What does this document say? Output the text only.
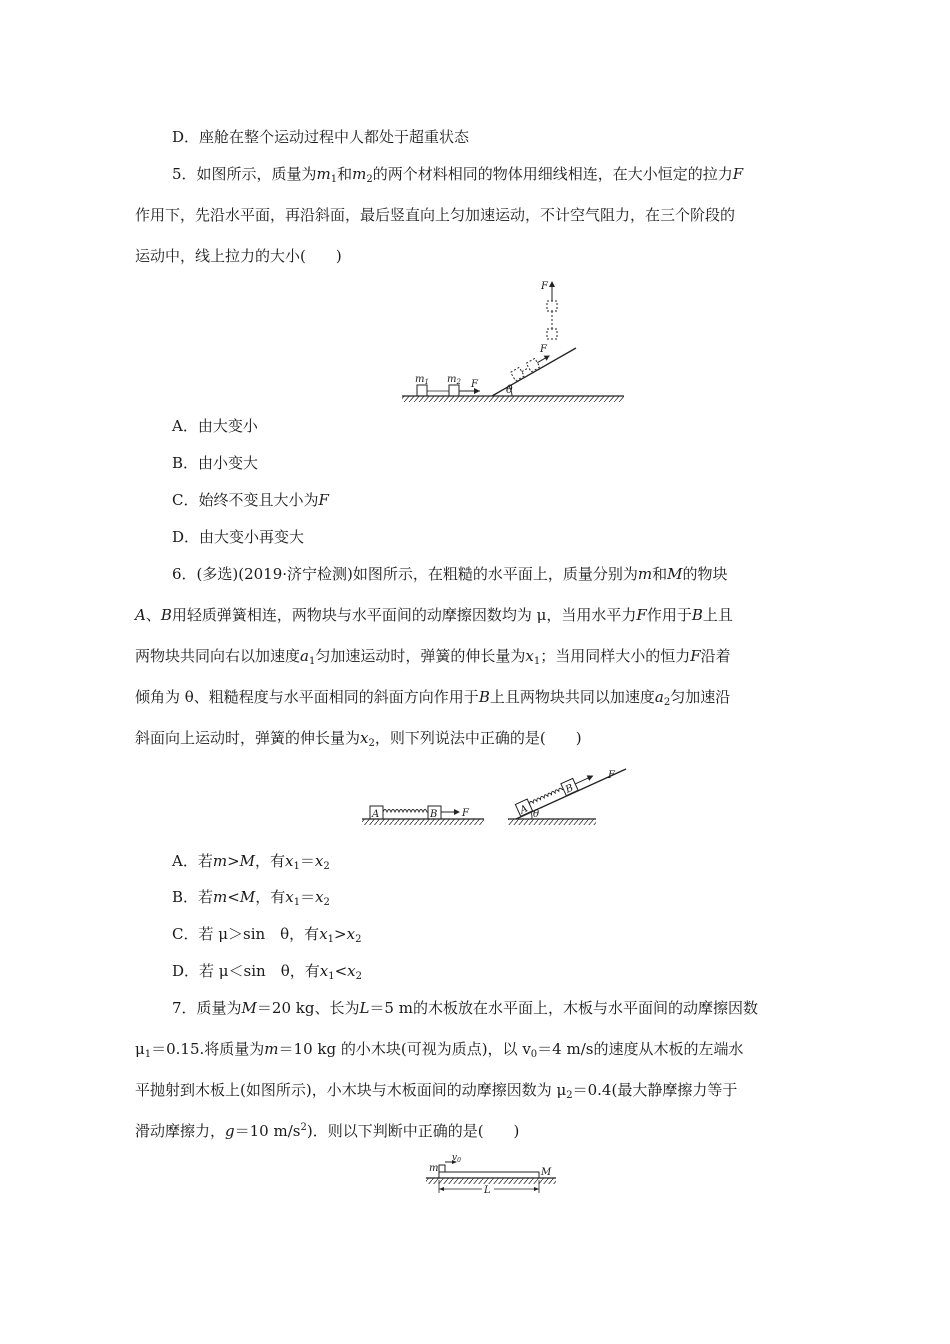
D．座舱在整个运动过程中人都处于超重状态
5．如图所示，质量为$m_1$和$m_2$的两个材料相同的物体用细线相连，在大小恒定的拉力F
作用下，先沿水平面，再沿斜面，最后竖直向上匀加速运动，不计空气阻力，在三个阶段的
运动中，线上拉力的大小(　　)
θ
$m_1$ $m_2$ F
F
F
A．由大变小
B．由小变大
C．始终不变且大小为F
D．由大变小再变大
6．(多选)(2019·济宁检测)如图所示，在粗糙的水平面上，质量分别为m和M的物块
A、B用轻质弹簧相连，两物块与水平面间的动摩擦因数均为 μ，当用水平力F作用于B上且
两物块共同向右以加速度$a_1$匀加速运动时，弹簧的伸长量为$x_1$；当用同样大小的恒力F沿着
倾角为 θ、粗糙程度与水平面相同的斜面方向作用于B上且两物块共同以加速度$a_2$匀加速沿
斜面向上运动时，弹簧的伸长量为$x_2$，则下列说法中正确的是(　　)
A	B F	θ
A
B
F
A．若m>M，有$x_1=x_2$
B．若m<M，有$x_1=x_2$
C．若 μ＞sin　θ，有$x_1>x_2$
D．若 μ＜sin　θ，有$x_1<x_2$
7．质量为M＝20 kg、长为L＝5 m的木板放在水平面上，木板与水平面间的动摩擦因数
$\mu_1=0.15$.将质量为m＝10 kg 的小木块(可视为质点)，以 $v_0=4$ m/s的速度从木板的左端水
平抛射到木板上(如图所示)，小木块与木板面间的动摩擦因数为 $\mu_2=0.4$(最大静摩擦力等于
滑动摩擦力，g＝10 $m/s^2$)．则以下判断中正确的是(　　)
m
$v_0$
M
L
